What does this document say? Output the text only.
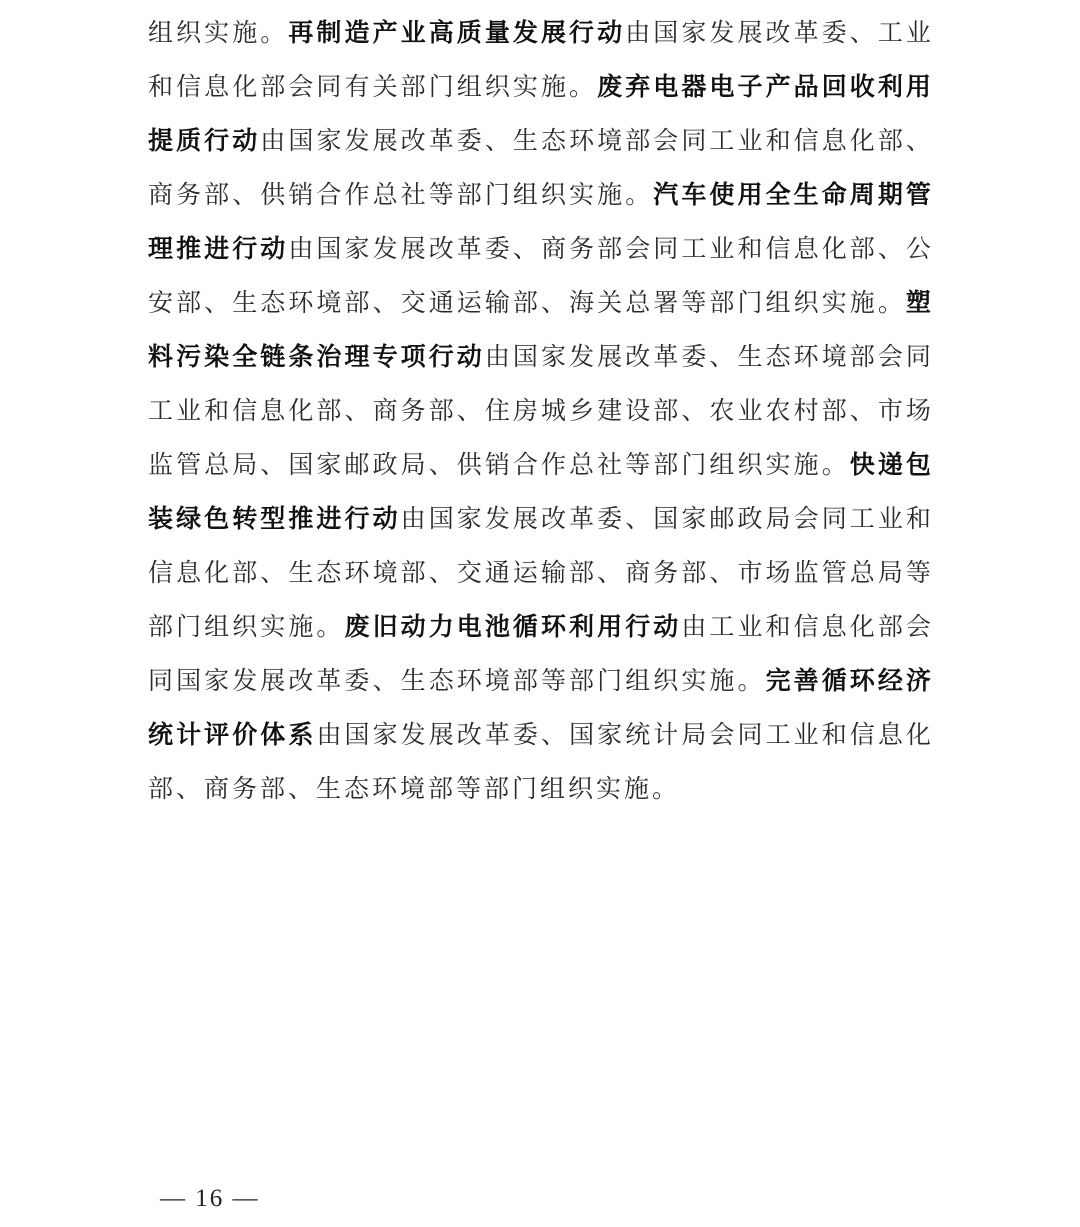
组织实施。 再制造产业高质量发展行动 由国家发展改革委、工业
和信息化部会同有关部门组织实施。 废弃电器电子产品回收利用
提质行动 由国家发展改革委、生态环境部会同工业和信息化部、
商务部、供销合作总社等部门组织实施。 汽车使用全生命周期管
理推进行动 由国家发展改革委、商务部会同工业和信息化部、公
安部、生态环境部、交通运输部、海关总署等部门组织实施。 塑
料污染全链条治理专项行动 由国家发展改革委、生态环境部会同
工业和信息化部、商务部、住房城乡建设部、农业农村部、市场
监管总局、国家邮政局、供销合作总社等部门组织实施。 快递包
装绿色转型推进行动 由国家发展改革委、国家邮政局会同工业和
信息化部、生态环境部、交通运输部、商务部、市场监管总局等
部门组织实施。 废旧动力电池循环利用行动 由工业和信息化部会
同国家发展改革委、生态环境部等部门组织实施。 完善循环经济
统计评价体系 由国家发展改革委、国家统计局会同工业和信息化
部、商务部、生态环境部等部门组织实施。
— 16 —
